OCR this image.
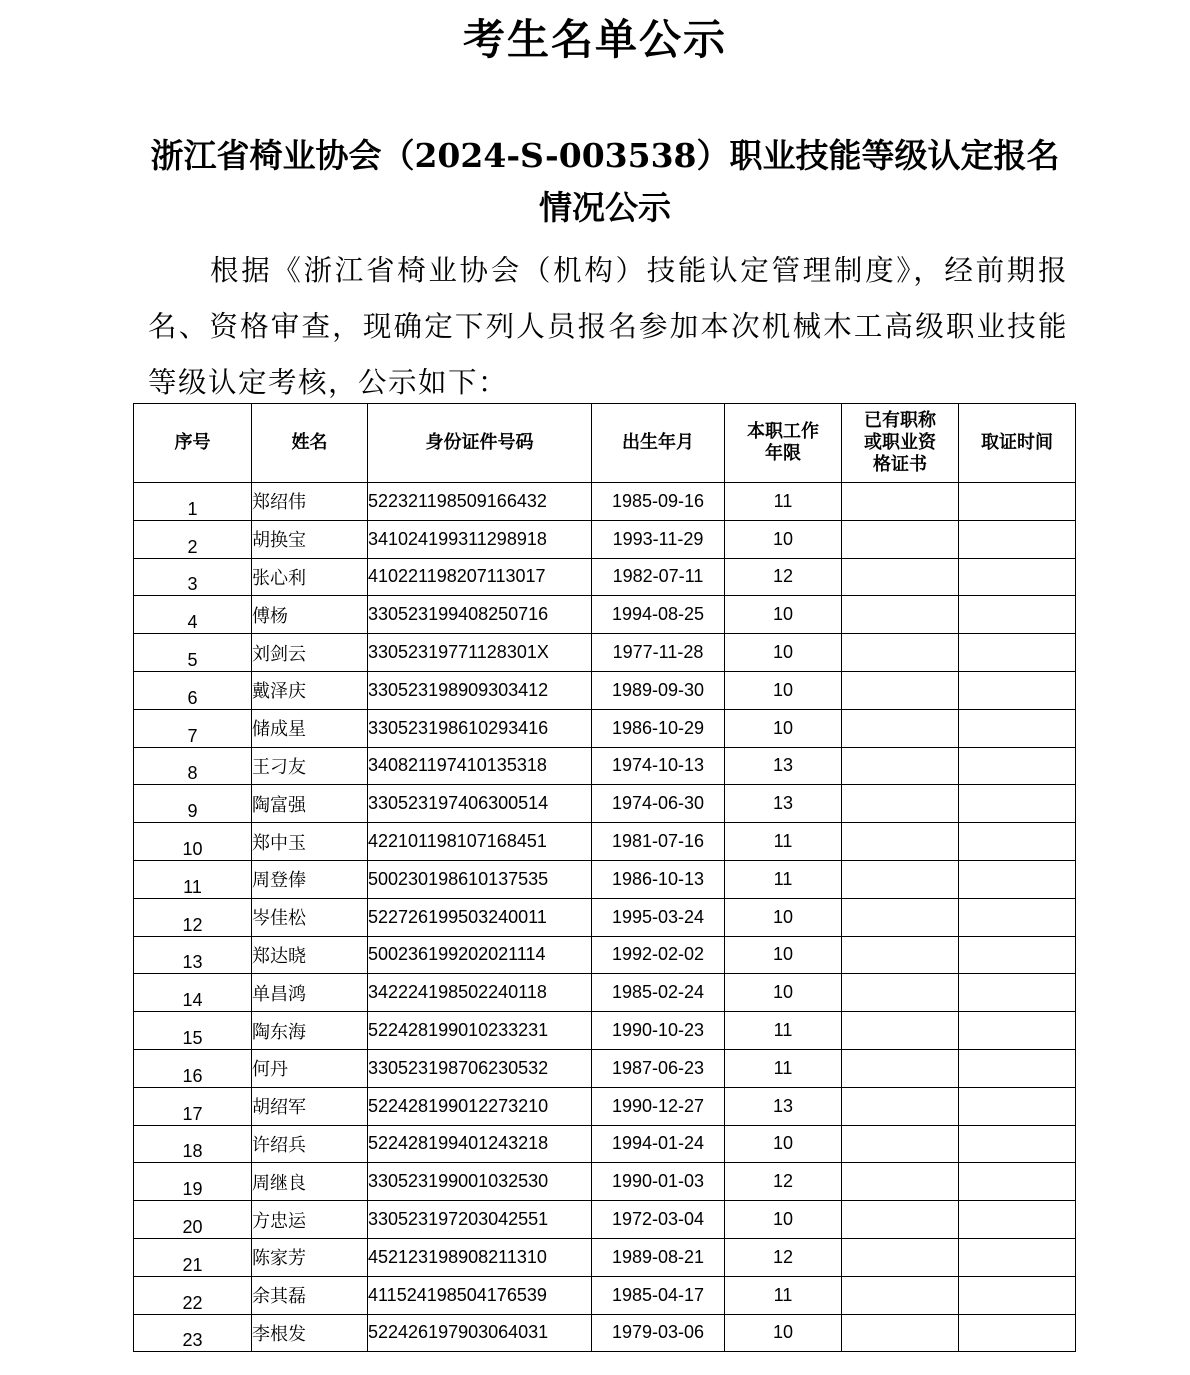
考生名单公示
浙江省椅业协会（2024-S-003538）职业技能等级认定报名情况公示
根据《浙江省椅业协会（机构）技能认定管理制度》，经前期报名、资格审查，现确定下列人员报名参加本次机械木工高级职业技能等级认定考核，公示如下：
序号	姓名	身份证件号码	出生年月	本职工作年限	已有职称或职业资格证书	取证时间
1	郑绍伟	522321198509166432	1985-09-16	11		
2	胡换宝	341024199311298918	1993-11-29	10		
3	张心利	410221198207113017	1982-07-11	12		
4	傅杨	330523199408250716	1994-08-25	10		
5	刘剑云	33052319771128301X	1977-11-28	10		
6	戴泽庆	330523198909303412	1989-09-30	10		
7	储成星	330523198610293416	1986-10-29	10		
8	王刁友	340821197410135318	1974-10-13	13		
9	陶富强	330523197406300514	1974-06-30	13		
10	郑中玉	422101198107168451	1981-07-16	11		
11	周登俸	500230198610137535	1986-10-13	11		
12	岑佳松	522726199503240011	1995-03-24	10		
13	郑达晓	500236199202021114	1992-02-02	10		
14	单昌鸿	342224198502240118	1985-02-24	10		
15	陶东海	522428199010233231	1990-10-23	11		
16	何丹	330523198706230532	1987-06-23	11		
17	胡绍军	522428199012273210	1990-12-27	13		
18	许绍兵	522428199401243218	1994-01-24	10		
19	周继良	330523199001032530	1990-01-03	12		
20	方忠运	330523197203042551	1972-03-04	10		
21	陈家芳	452123198908211310	1989-08-21	12		
22	余其磊	411524198504176539	1985-04-17	11		
23	李根发	522426197903064031	1979-03-06	10		
